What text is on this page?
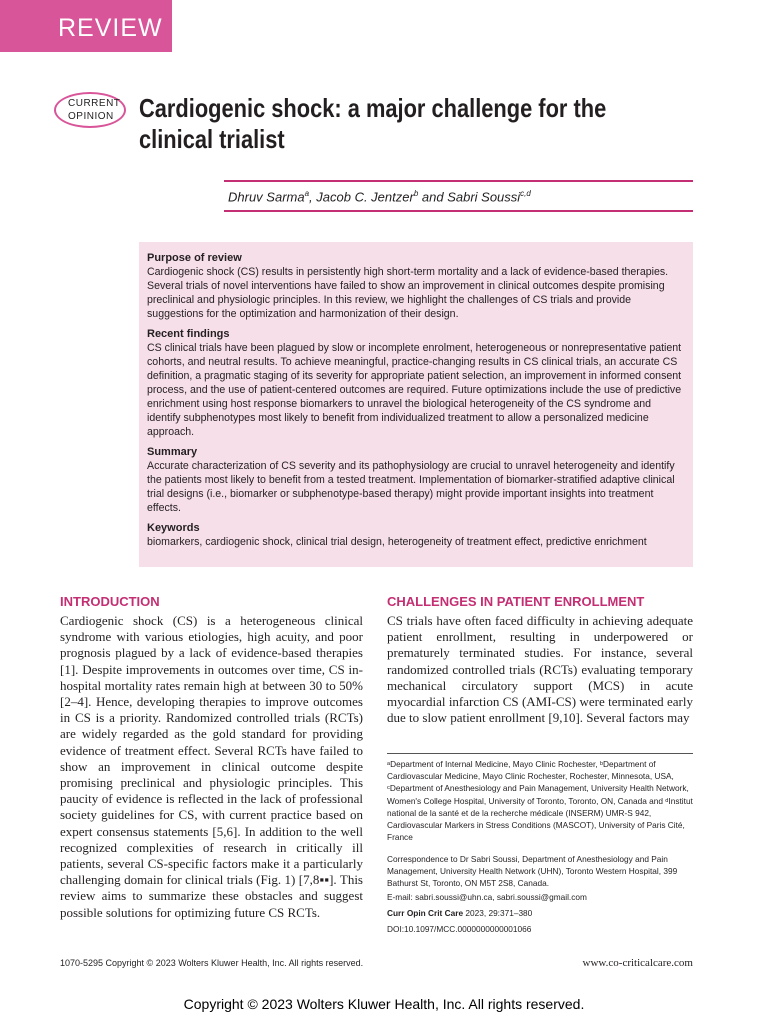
REVIEW
CURRENT
OPINION Cardiogenic shock: a major challenge for the clinical trialist
Dhruv Sarma$^a$, Jacob C. Jentzer$^b$ and Sabri Soussi$^{c,d}$
Purpose of review

Cardiogenic shock (CS) results in persistently high short-term mortality and a lack of evidence-based therapies. Several trials of novel interventions have failed to show an improvement in clinical outcomes despite promising preclinical and physiologic principles. In this review, we highlight the challenges of CS trials and provide suggestions for the optimization and harmonization of their design.

Recent findings

CS clinical trials have been plagued by slow or incomplete enrolment, heterogeneous or nonrepresentative patient cohorts, and neutral results. To achieve meaningful, practice-changing results in CS clinical trials, an accurate CS definition, a pragmatic staging of its severity for appropriate patient selection, an improvement in informed consent process, and the use of patient-centered outcomes are required. Future optimizations include the use of predictive enrichment using host response biomarkers to unravel the biological heterogeneity of the CS syndrome and identify subphenotypes most likely to benefit from individualized treatment to allow a personalized medicine approach.

Summary

Accurate characterization of CS severity and its pathophysiology are crucial to unravel heterogeneity and identify the patients most likely to benefit from a tested treatment. Implementation of biomarker-stratified adaptive clinical trial designs (i.e., biomarker or subphenotype-based therapy) might provide important insights into treatment effects.

Keywords

biomarkers, cardiogenic shock, clinical trial design, heterogeneity of treatment effect, predictive enrichment

INTRODUCTION

Cardiogenic shock (CS) is a heterogeneous clinical syndrome with various etiologies, high acuity, and poor prognosis plagued by a lack of evidence-based therapies [1]. Despite improvements in outcomes over time, CS in-hospital mortality rates remain high at between 30 to 50% [2–4]. Hence, developing therapies to improve outcomes in CS is a priority. Randomized controlled trials (RCTs) are widely regarded as the gold standard for providing evidence of treatment effect. Several RCTs have failed to show an improvement in clinical outcome despite promising preclinical and physiologic principles. This paucity of evidence is reflected in the lack of professional society guidelines for CS, with current practice based on expert consensus statements [5,6]. In addition to the well recognized complexities of research in critically ill patients, several CS-specific factors make it a particularly challenging domain for clinical trials (Fig. 1) [7,8▪▪]. This review aims to summarize these obstacles and suggest possible solutions for optimizing future CS RCTs.

CHALLENGES IN PATIENT ENROLLMENT

CS trials have often faced difficulty in achieving adequate patient enrollment, resulting in underpowered or prematurely terminated studies. For instance, several randomized controlled trials (RCTs) evaluating temporary mechanical circulatory support (MCS) in acute myocardial infarction CS (AMI-CS) were terminated early due to slow patient enrollment [9,10]. Several factors may

ᵃDepartment of Internal Medicine, Mayo Clinic Rochester, ᵇDepartment of Cardiovascular Medicine, Mayo Clinic Rochester, Rochester, Minnesota, USA, ᶜDepartment of Anesthesiology and Pain Management, University Health Network, Women's College Hospital, University of Toronto, Toronto, ON, Canada and ᵈInstitut national de la santé et de la recherche médicale (INSERM) UMR-S 942, Cardiovascular Markers in Stress Conditions (MASCOT), University of Paris Cité, France

Correspondence to Dr Sabri Soussi, Department of Anesthesiology and Pain Management, University Health Network (UHN), Toronto Western Hospital, 399 Bathurst St, Toronto, ON M5T 2S8, Canada.

E-mail: sabri.soussi@uhn.ca, sabri.soussi@gmail.com

Curr Opin Crit Care 2023, 29:371–380

DOI:10.1097/MCC.0000000000001066

1070-5295 Copyright © 2023 Wolters Kluwer Health, Inc. All rights reserved.	www.co-criticalcare.com
Copyright © 2023 Wolters Kluwer Health, Inc. All rights reserved.
